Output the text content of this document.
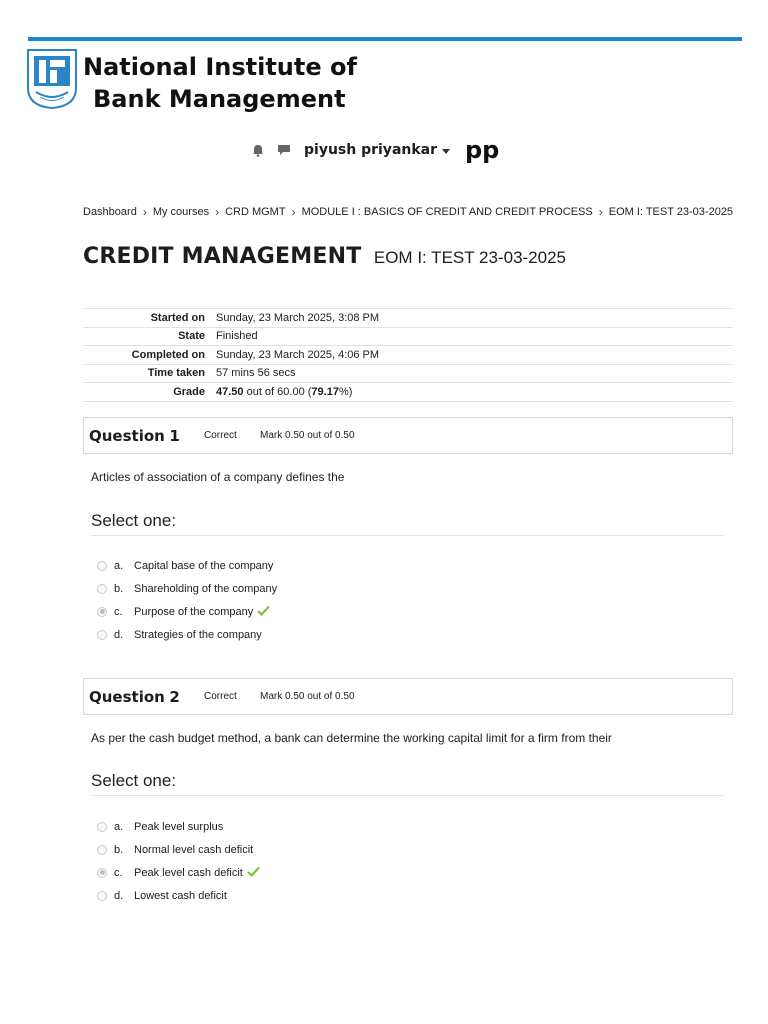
National Institute of
Bank Management
piyush priyankar pp
Dashboard › My courses › CRD MGMT › MODULE I : BASICS OF CREDIT AND CREDIT PROCESS › EOM I: TEST 23-03-2025
CREDIT MANAGEMENT EOM I: TEST 23-03-2025
Started on	Sunday, 23 March 2025, 3:08 PM
State	Finished
Completed on	Sunday, 23 March 2025, 4:06 PM
Time taken	57 mins 56 secs
Grade	47.50 out of 60.00 (79.17%)
Question 1 Correct Mark 0.50 out of 0.50
Articles of association of a company defines the
Select one:
a. Capital base of the company
b. Shareholding of the company
c.	Purpose of the company
d. Strategies of the company
Question 2 Correct Mark 0.50 out of 0.50
As per the cash budget method, a bank can determine the working capital limit for a firm from their
Select one:
a. Peak level surplus
b. Normal level cash deficit
c.	Peak level cash deficit
d. Lowest cash deficit
